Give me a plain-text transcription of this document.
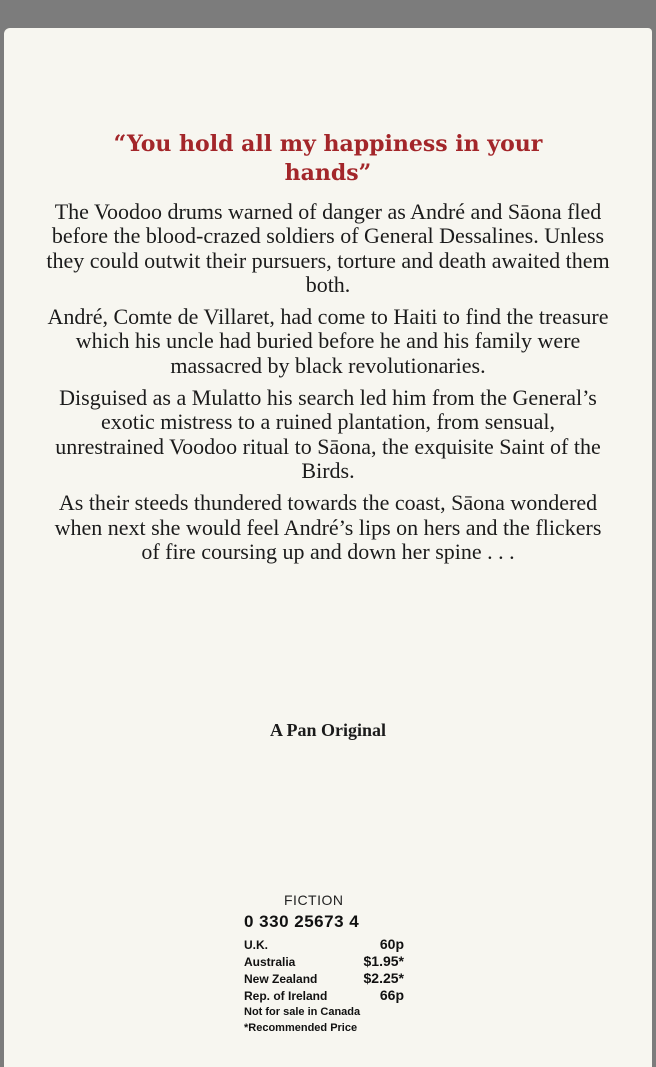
“You hold all my happiness in your
hands”

The Voodoo drums warned of danger as André and Sāona fled before the blood-crazed soldiers of General Dessalines. Unless they could outwit their pursuers, torture and death awaited them both.

André, Comte de Villaret, had come to Haiti to find the treasure which his uncle had buried before he and his family were massacred by black revolutionaries.

Disguised as a Mulatto his search led him from the General’s exotic mistress to a ruined plantation, from sensual, unrestrained Voodoo ritual to Sāona, the exquisite Saint of the Birds.

As their steeds thundered towards the coast, Sāona wondered when next she would feel André’s lips on hers and the flickers of fire coursing up and down her spine . . .

A Pan Original
FICTION
0 330 25673 4
U.K.	60p
Australia	$1.95*
New Zealand	$2.25*
Rep. of Ireland	66p
Not for sale in Canada
*Recommended Price
